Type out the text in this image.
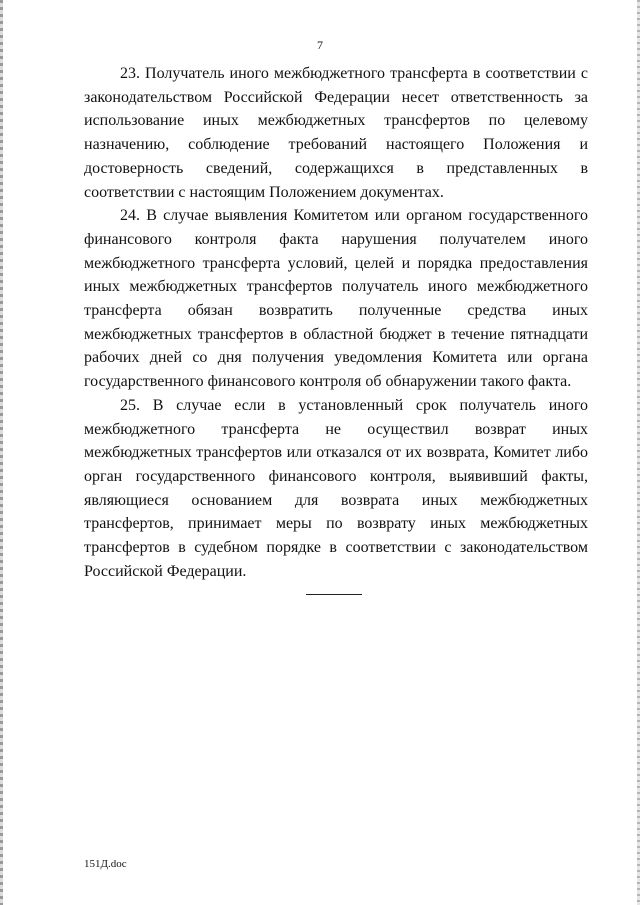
7

23. Получатель иного межбюджетного трансферта в соответствии с законодательством Российской Федерации несет ответственность за использование иных межбюджетных трансфертов по целевому назначению, соблюдение требований настоящего Положения и достоверность сведений, содержащихся в представленных в соответствии с настоящим Положением документах.

24. В случае выявления Комитетом или органом государственного финансового контроля факта нарушения получателем иного межбюджетного трансферта условий, целей и порядка предоставления иных межбюджетных трансфертов получатель иного межбюджетного трансферта обязан возвратить полученные средства иных межбюджетных трансфертов в областной бюджет в течение пятнадцати рабочих дней со дня получения уведомления Комитета или органа государственного финансового контроля об обнаружении такого факта.

25. В случае если в установленный срок получатель иного межбюджетного трансферта не осуществил возврат иных межбюджетных трансфертов или отказался от их возврата, Комитет либо орган государственного финансового контроля, выявивший факты, являющиеся основанием для возврата иных межбюджетных трансфертов, принимает меры по возврату иных межбюджетных трансфертов в судебном порядке в соответствии с законодательством Российской Федерации.

151Д.doc
